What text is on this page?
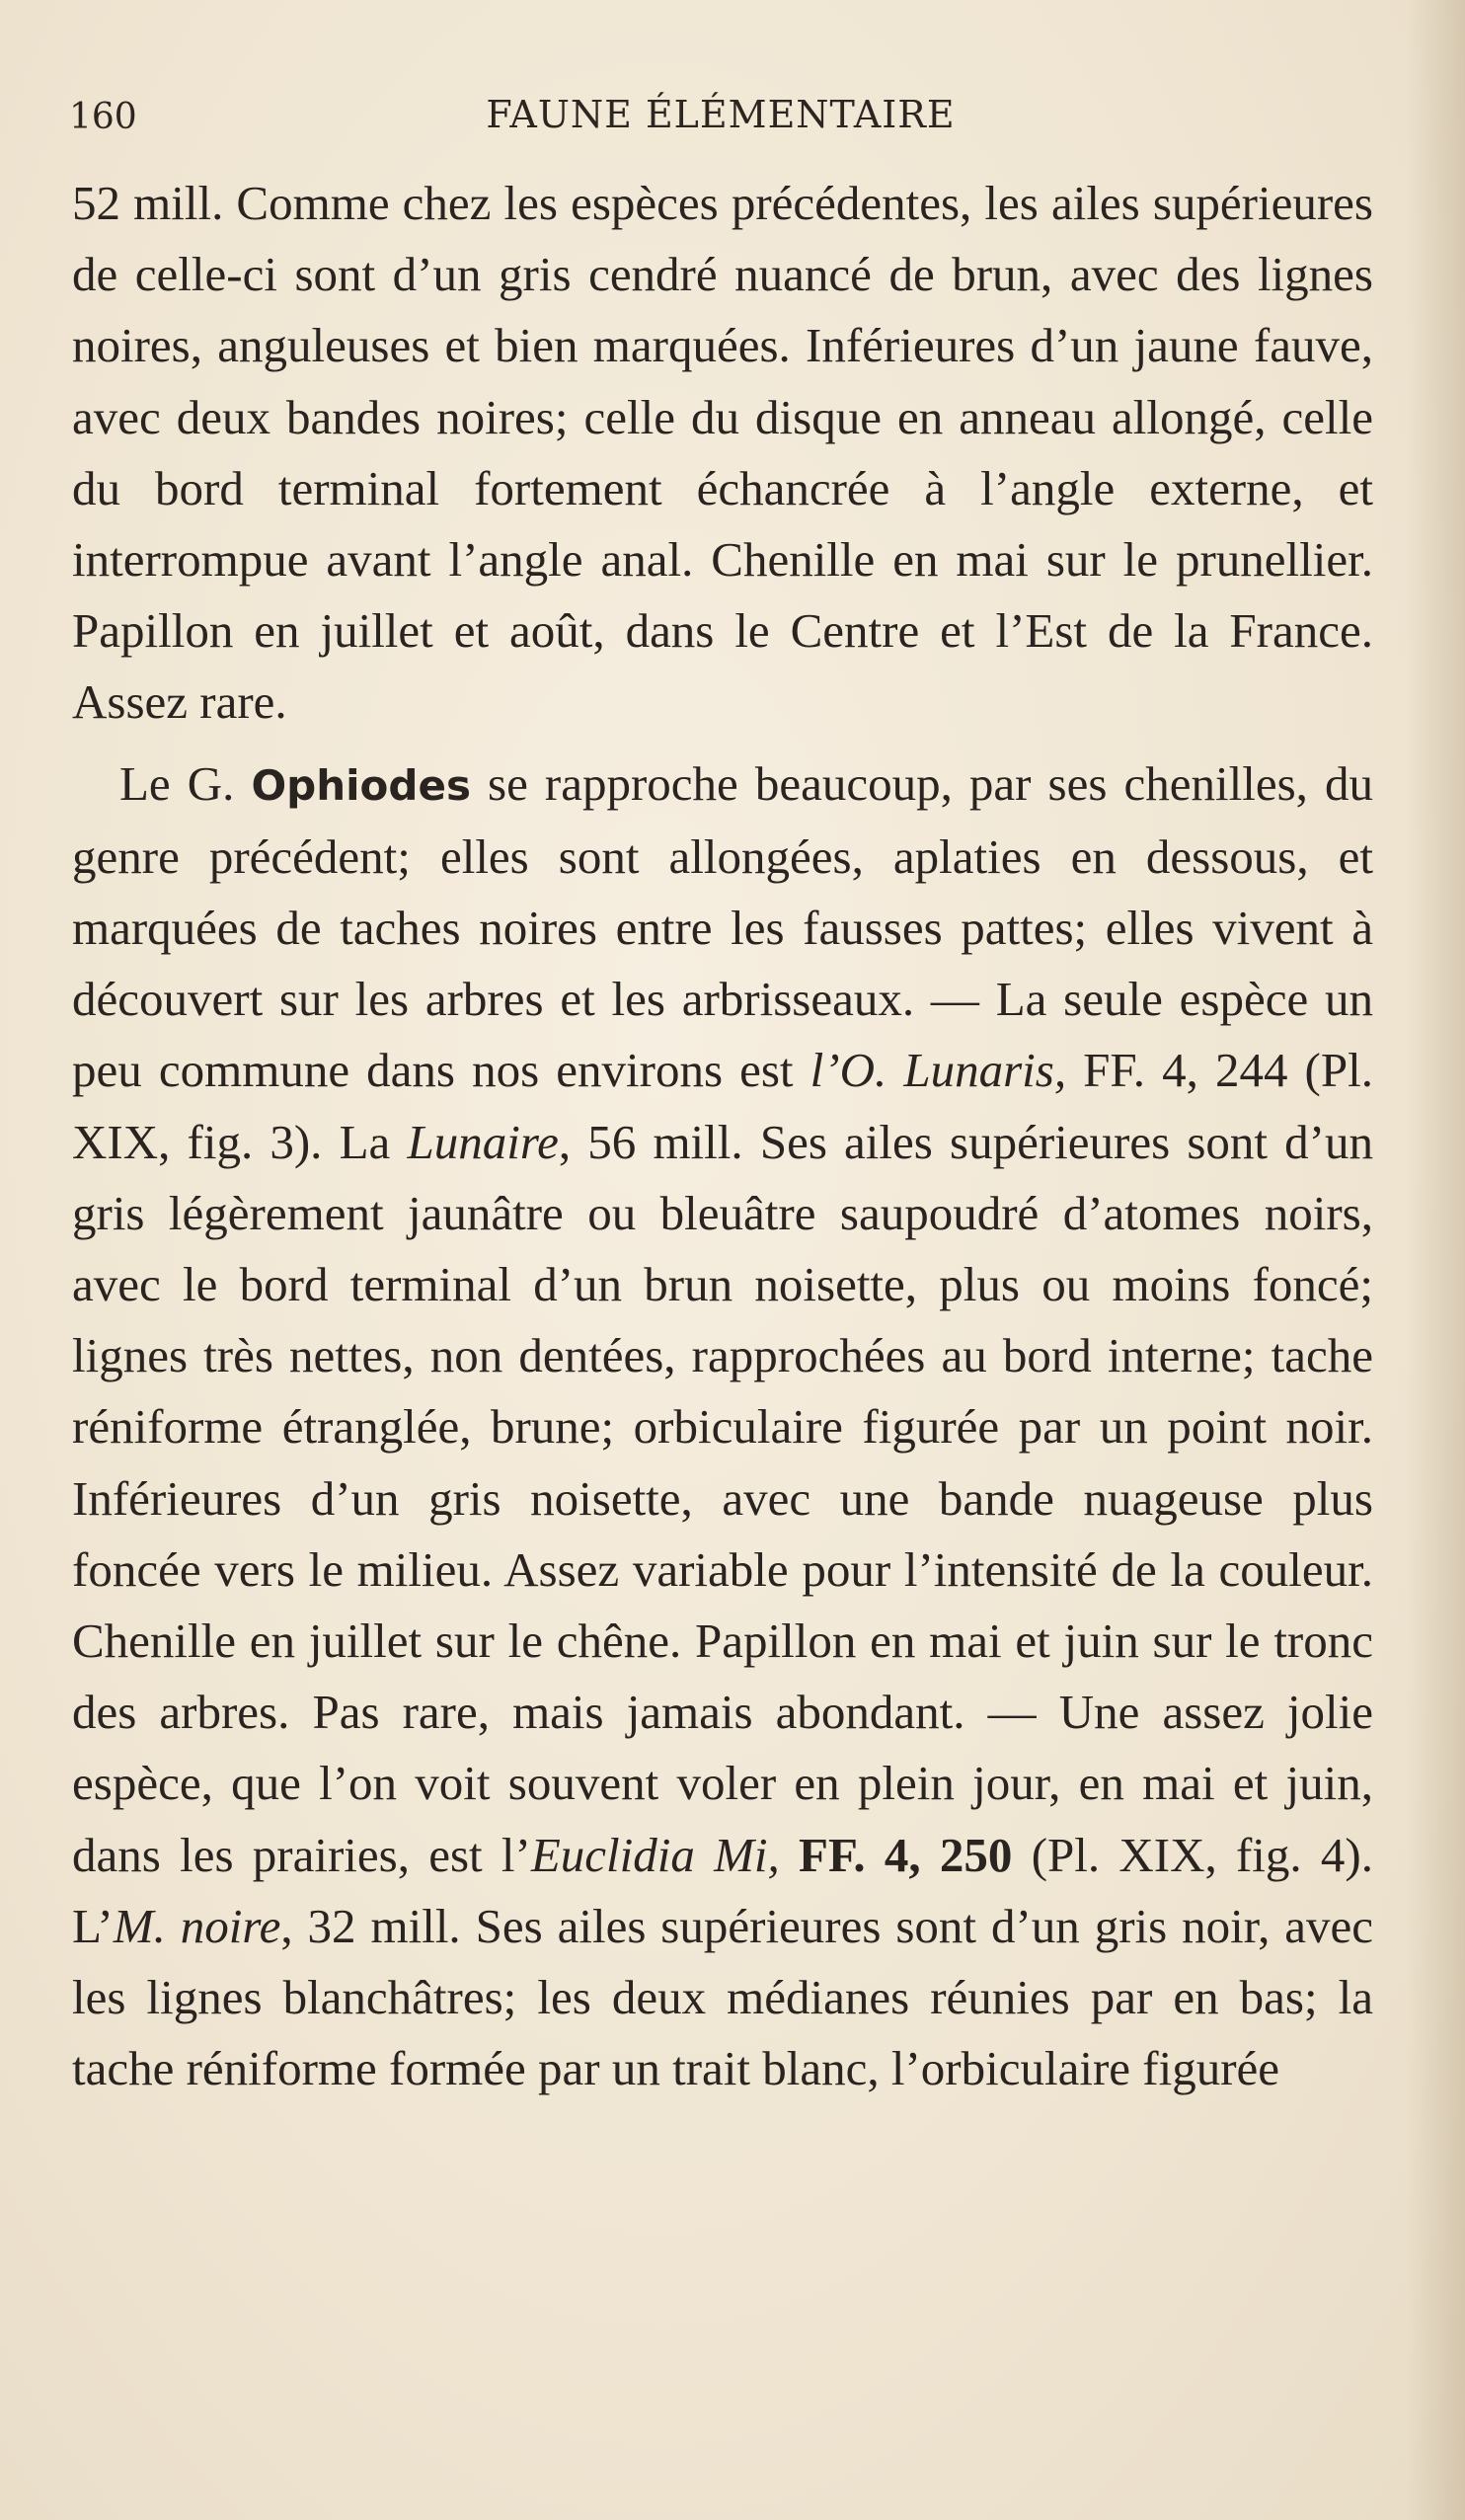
160	FAUNE ÉLÉMENTAIRE

52 mill. Comme chez les espèces précédentes, les ailes supérieures de celle-ci sont d’un gris cendré nuancé de brun, avec des lignes noires, anguleuses et bien marquées. Inférieures d’un jaune fauve, avec deux bandes noires; celle du disque en anneau allongé, celle du bord terminal fortement échancrée à l’angle externe, et interrompue avant l’angle anal. Chenille en mai sur le prunellier. Papillon en juillet et août, dans le Centre et l’Est de la France. Assez rare.

Le G. Ophiodes se rapproche beaucoup, par ses chenilles, du genre précédent; elles sont allongées, aplaties en dessous, et marquées de taches noires entre les fausses pattes; elles vivent à découvert sur les arbres et les arbrisseaux. — La seule espèce un peu commune dans nos environs est l’O. Lunaris, FF. 4, 244 (Pl. XIX, fig. 3). La Lunaire, 56 mill. Ses ailes supérieures sont d’un gris légèrement jaunâtre ou bleuâtre saupoudré d’atomes noirs, avec le bord terminal d’un brun noisette, plus ou moins foncé; lignes très nettes, non dentées, rapprochées au bord interne; tache réniforme étranglée, brune; orbiculaire figurée par un point noir. Inférieures d’un gris noisette, avec une bande nuageuse plus foncée vers le milieu. Assez variable pour l’intensité de la couleur. Chenille en juillet sur le chêne. Papillon en mai et juin sur le tronc des arbres. Pas rare, mais jamais abondant. — Une assez jolie espèce, que l’on voit souvent voler en plein jour, en mai et juin, dans les prairies, est l’Euclidia Mi, FF. 4, 250 (Pl. XIX, fig. 4). L’M. noire, 32 mill. Ses ailes supérieures sont d’un gris noir, avec les lignes blanchâtres; les deux médianes réunies par en bas; la tache réniforme formée par un trait blanc, l’orbiculaire figurée
